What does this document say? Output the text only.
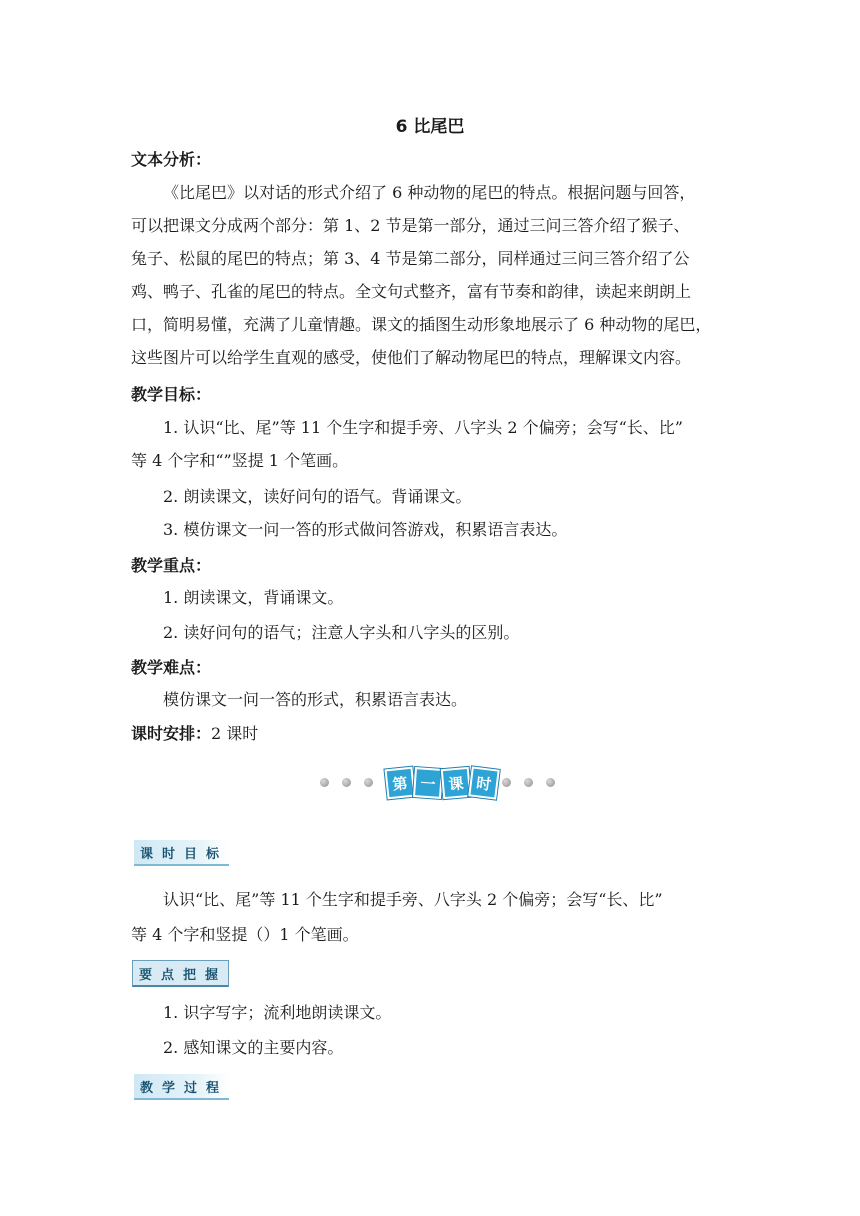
6 比尾巴
文本分析：
《比尾巴》以对话的形式介绍了 6 种动物的尾巴的特点。根据问题与回答，
可以把课文分成两个部分：第 1、2 节是第一部分，通过三问三答介绍了猴子、
兔子、松鼠的尾巴的特点；第 3、4 节是第二部分，同样通过三问三答介绍了公
鸡、鸭子、孔雀的尾巴的特点。全文句式整齐，富有节奏和韵律，读起来朗朗上
口，简明易懂，充满了儿童情趣。课文的插图生动形象地展示了 6 种动物的尾巴，
这些图片可以给学生直观的感受，使他们了解动物尾巴的特点，理解课文内容。
教学目标：
1. 认识“比、尾”等 11 个生字和提手旁、八字头 2 个偏旁；会写“长、比”
等 4 个字和“”竖提 1 个笔画。
2. 朗读课文，读好问句的语气。背诵课文。
3. 模仿课文一问一答的形式做问答游戏，积累语言表达。
教学重点：
1. 朗读课文，背诵课文。
2. 读好问句的语气；注意人字头和八字头的区别。
教学难点：
模仿课文一问一答的形式，积累语言表达。
课时安排：2 课时
第 一 课 时
课 时 目 标
认识“比、尾”等 11 个生字和提手旁、八字头 2 个偏旁；会写“长、比”
等 4 个字和竖提（）1 个笔画。
要 点 把 握
1. 识字写字；流利地朗读课文。
2. 感知课文的主要内容。
教 学 过 程
